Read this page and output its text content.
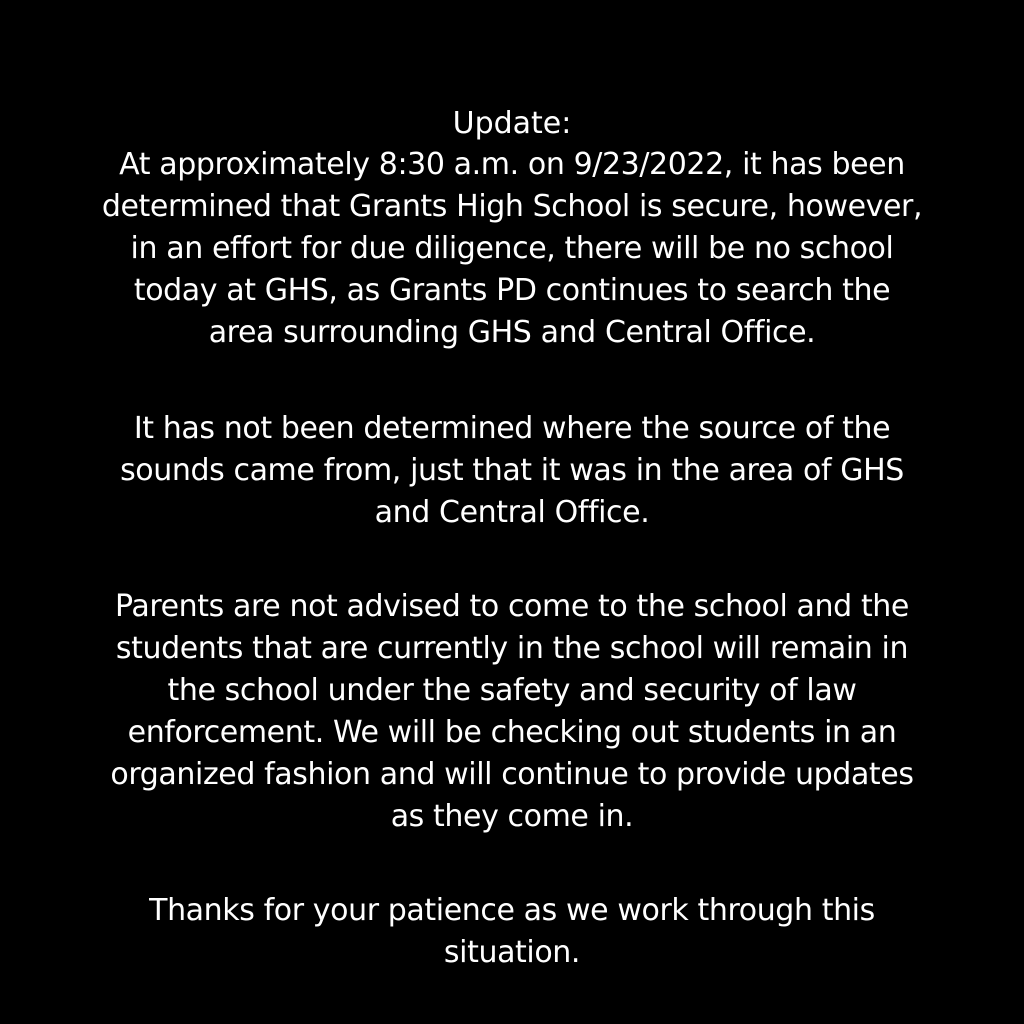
Update:

At approximately 8:30 a.m. on 9/23/2022, it has been
determined that Grants High School is secure, however,
in an effort for due diligence, there will be no school
today at GHS, as Grants PD continues to search the
area surrounding GHS and Central Office.

It has not been determined where the source of the
sounds came from, just that it was in the area of GHS
and Central Office.

Parents are not advised to come to the school and the
students that are currently in the school will remain in
the school under the safety and security of law
enforcement. We will be checking out students in an
organized fashion and will continue to provide updates
as they come in.

Thanks for your patience as we work through this
situation.
